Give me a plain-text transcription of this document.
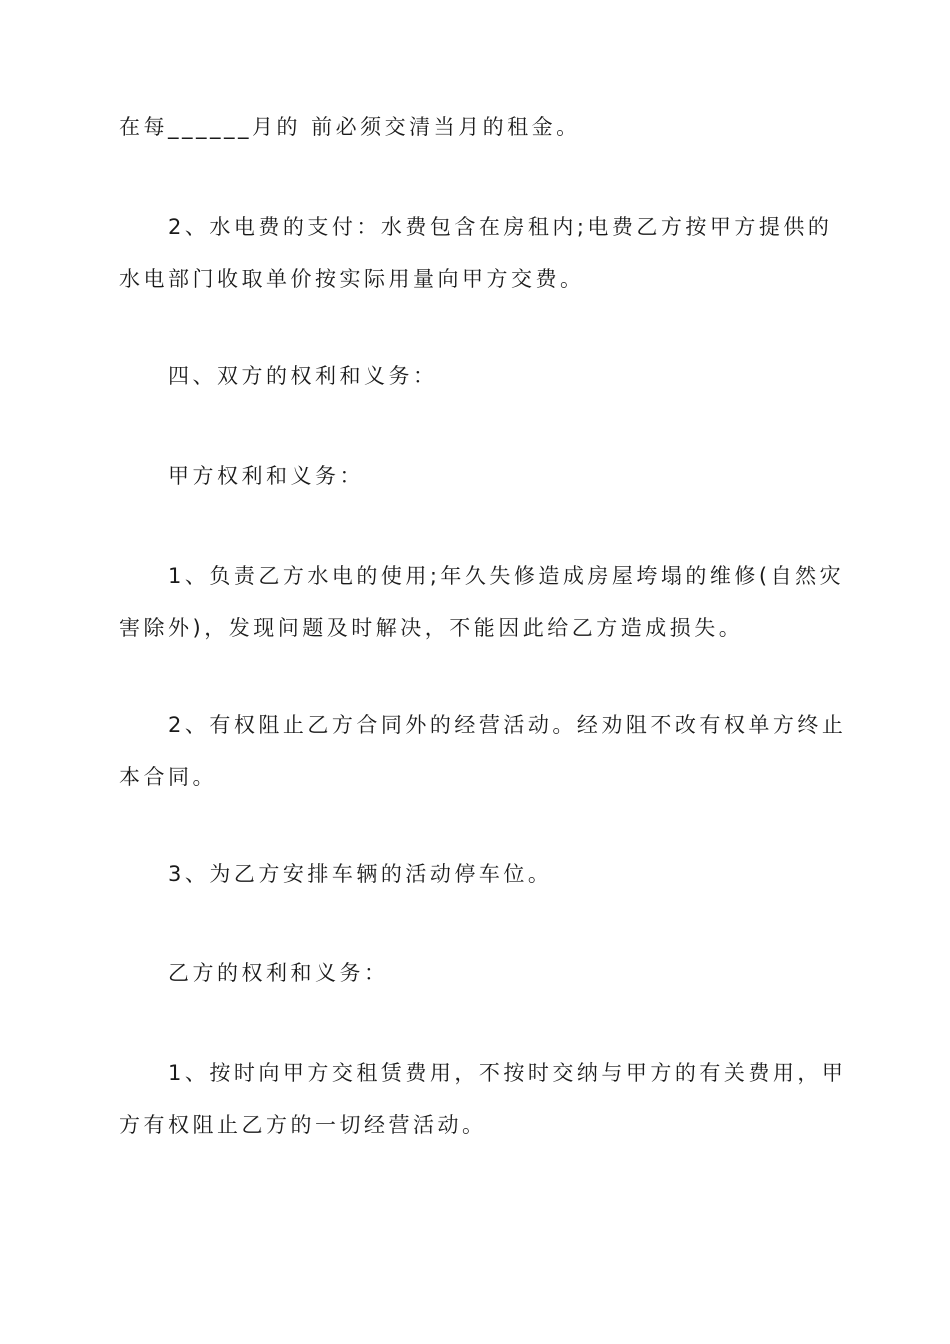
在每______月的 前必须交清当月的租金。

　　2、水电费的支付：水费包含在房租内;电费乙方按甲方提供的
水电部门收取单价按实际用量向甲方交费。

　　四、双方的权利和义务：

　　甲方权利和义务：

　　1、负责乙方水电的使用;年久失修造成房屋垮塌的维修(自然灾
害除外)，发现问题及时解决，不能因此给乙方造成损失。

　　2、有权阻止乙方合同外的经营活动。经劝阻不改有权单方终止
本合同。

　　3、为乙方安排车辆的活动停车位。

　　乙方的权利和义务：

　　1、按时向甲方交租赁费用，不按时交纳与甲方的有关费用，甲
方有权阻止乙方的一切经营活动。
